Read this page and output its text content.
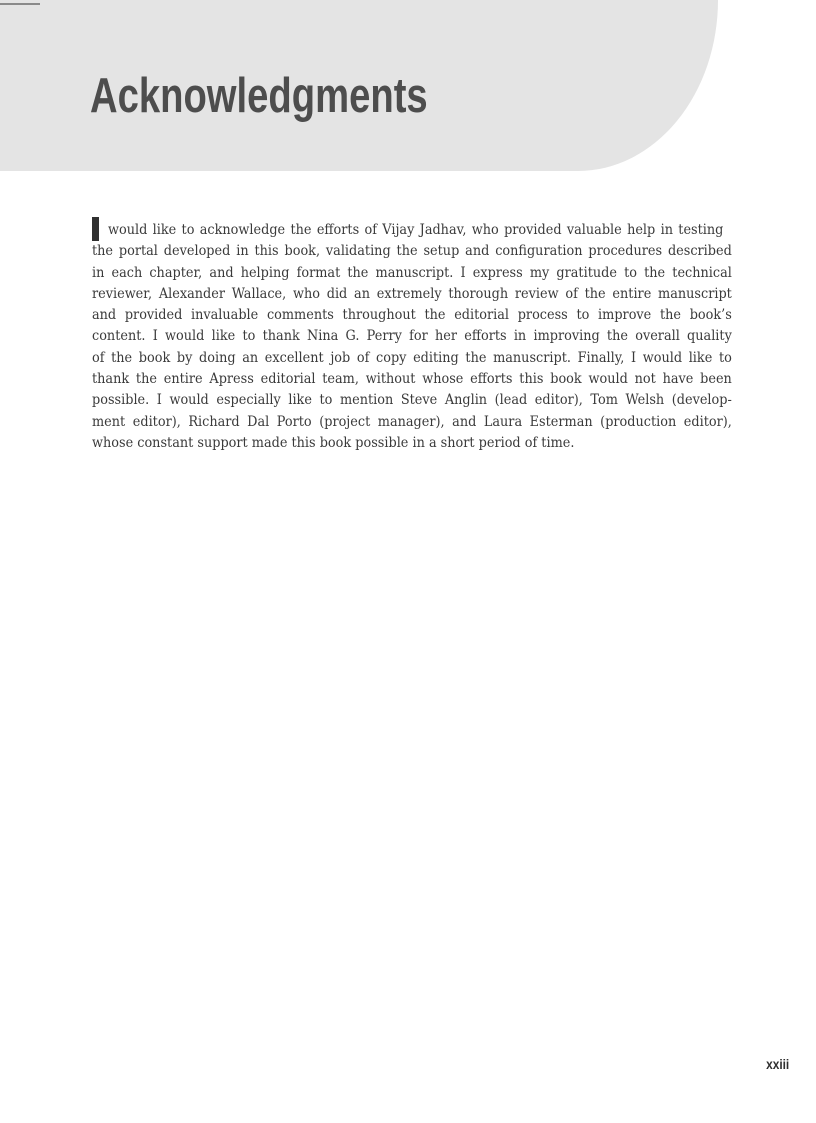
Acknowledgments
would like to acknowledge the efforts of Vijay Jadhav, who provided valuable help in testing
the portal developed in this book, validating the setup and configuration procedures described
in each chapter, and helping format the manuscript. I express my gratitude to the technical
reviewer, Alexander Wallace, who did an extremely thorough review of the entire manuscript
and provided invaluable comments throughout the editorial process to improve the book’s
content. I would like to thank Nina G. Perry for her efforts in improving the overall quality
of the book by doing an excellent job of copy editing the manuscript. Finally, I would like to
thank the entire Apress editorial team, without whose efforts this book would not have been
possible. I would especially like to mention Steve Anglin (lead editor), Tom Welsh (develop-
ment editor), Richard Dal Porto (project manager), and Laura Esterman (production editor),
whose constant support made this book possible in a short period of time.
xxiii
